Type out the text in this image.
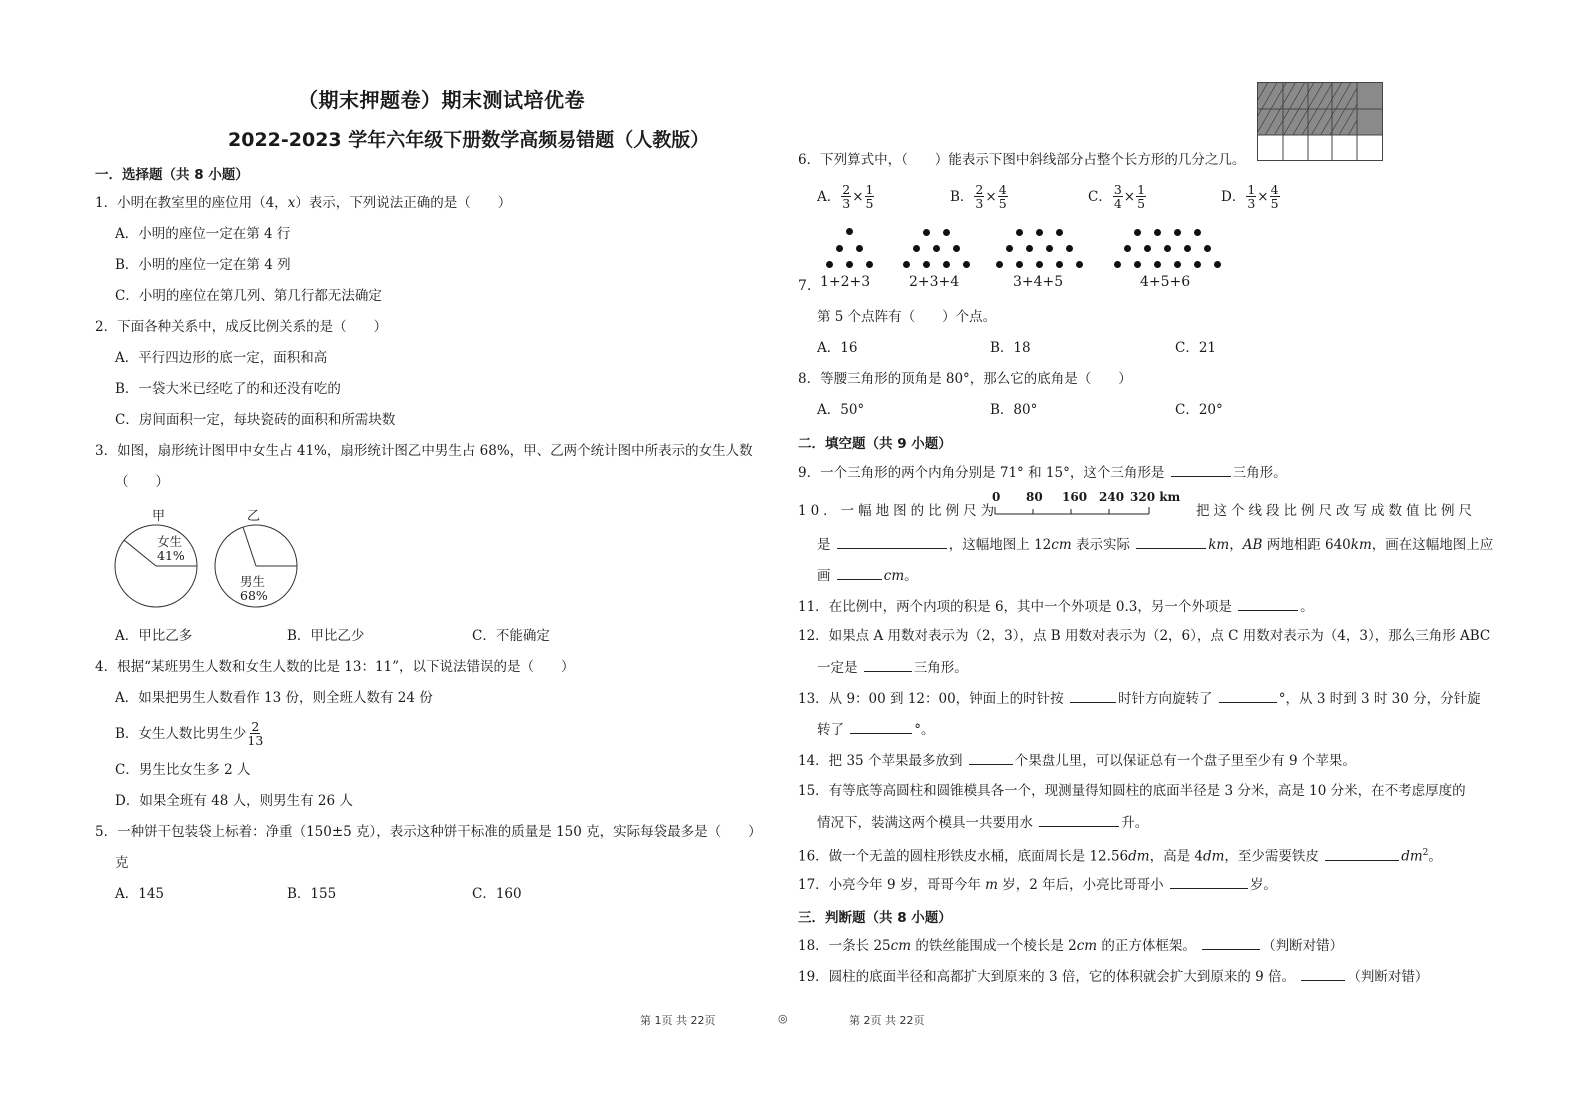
（期末押题卷）期末测试培优卷
2022-2023 学年六年级下册数学高频易错题（人教版）
一．选择题（共 8 小题）
1．小明在教室里的座位用（4，x）表示，下列说法正确的是（　　）
A．小明的座位一定在第 4 行
B．小明的座位一定在第 4 列
C．小明的座位在第几列、第几行都无法确定
2．下面各种关系中，成反比例关系的是（　　）
A．平行四边形的底一定，面积和高
B．一袋大米已经吃了的和还没有吃的
C．房间面积一定，每块瓷砖的面积和所需块数
3．如图，扇形统计图甲中女生占 41%，扇形统计图乙中男生占 68%，甲、乙两个统计图中所表示的女生人数
（　　）
甲	乙
女生
41%
男生
68%
A．甲比乙多	B．甲比乙少	C．不能确定
4．根据“某班男生人数和女生人数的比是 13：11”，以下说法错误的是（　　）
A．如果把男生人数看作 13 份，则全班人数有 24 份
B．女生人数比男生少 $\frac{2}{13}$
C．男生比女生多 2 人
D．如果全班有 48 人，则男生有 26 人
5．一种饼干包装袋上标着：净重（150±5 克），表示这种饼干标准的质量是 150 克，实际每袋最多是（　　）
克
A．145	B．155	C．160
6．下列算式中，（　　）能表示下图中斜线部分占整个长方形的几分之几。
A． $\frac{2}{3} \times \frac{1}{5}$	B． $\frac{2}{3} \times \frac{4}{5}$	C． $\frac{3}{4} \times \frac{1}{5}$	D． $\frac{1}{3} \times \frac{4}{5}$
7. 1+2+3	2+3+4	3+4+5	4+5+6
第 5 个点阵有（　　）个点。
A．16	B．18	C．21
8．等腰三角形的顶角是 80°，那么它的底角是（　　）
A．50°	B．80°	C．20°
二．填空题（共 9 小题）
9．一个三角形的两个内角分别是 71° 和 15°，这个三角形是	三角形。
10．一幅地图的比例尺为
0 80 160 240 320 km
把这个线段比例尺改写成数值比例尺
是	，这幅地图上 12cm 表示实际	km，AB 两地相距 640km，画在这幅地图上应
画	cm。
11．在比例中，两个内项的积是 6，其中一个外项是 0.3，另一个外项是	。
12．如果点 A 用数对表示为（2，3），点 B 用数对表示为（2，6），点 C 用数对表示为（4，3），那么三角形 ABC
一定是	三角形。
13．从 9：00 到 12：00，钟面上的时针按	时针方向旋转了	°，从 3 时到 3 时 30 分，分针旋
转了	°。
14．把 35 个苹果最多放到	个果盘儿里，可以保证总有一个盘子里至少有 9 个苹果。
15．有等底等高圆柱和圆锥模具各一个，现测量得知圆柱的底面半径是 3 分米，高是 10 分米，在不考虑厚度的
情况下，装满这两个模具一共要用水	升。
16．做一个无盖的圆柱形铁皮水桶，底面周长是 12.56dm，高是 4dm，至少需要铁皮	$dm^2$。
17．小亮今年 9 岁，哥哥今年 m 岁，2 年后，小亮比哥哥小	岁。
三．判断题（共 8 小题）
18．一条长 25cm 的铁丝能围成一个棱长是 2cm 的正方体框架。	（判断对错）
19．圆柱的底面半径和高都扩大到原来的 3 倍，它的体积就会扩大到原来的 9 倍。	（判断对错）
第 1页 共 22页	◎	第 2页 共 22页
